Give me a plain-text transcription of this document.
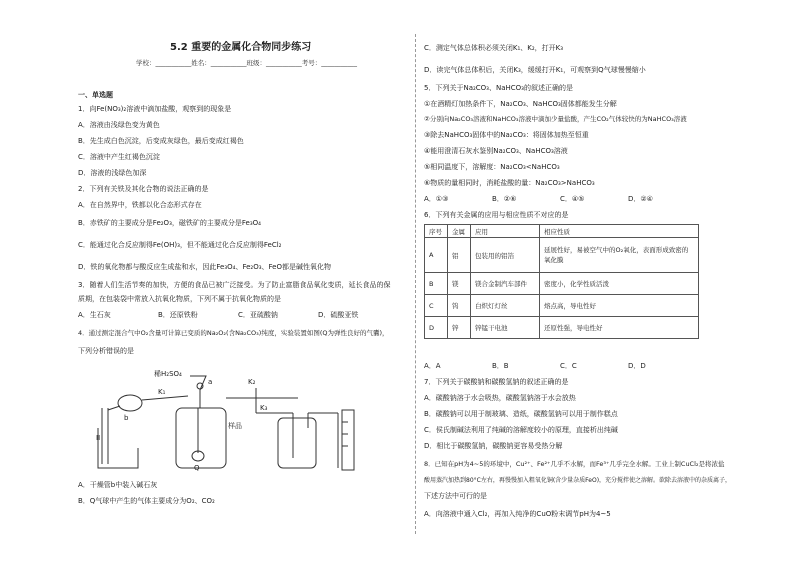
5.2 重要的金属化合物同步练习
学校：___________姓名：___________班级：___________考号：___________
一、单选题
1．向Fe(NO₃)₂溶液中滴加盐酸，观察到的现象是
A．溶液由浅绿色变为黄色
B．先生成白色沉淀，后变成灰绿色，最后变成红褐色
C．溶液中产生红褐色沉淀
D．溶液的浅绿色加深
2．下列有关铁及其化合物的说法正确的是
A．在自然界中，铁都以化合态形式存在
B．赤铁矿的主要成分是Fe₂O₃，磁铁矿的主要成分是Fe₃O₄
C．能通过化合反应制得Fe(OH)₃，但不能通过化合反应制得FeCl₂
D．铁的氧化物都与酸反应生成盐和水，因此Fe₃O₄、Fe₂O₃、FeO都是碱性氧化物
3．随着人们生活节奏的加快，方便的食品已被广泛接受。为了防止富脂食品氧化变质，延长食品的保
质期，在包装袋中常放入抗氧化物质，下列不属于抗氧化物质的是
A．生石灰	B．还原铁粉	C．亚硫酸钠	D．硫酸亚铁
4．通过测定混合气中O₂含量可计算已变质的Na₂O₂(含Na₂CO₃)纯度，实验装置如图(Q为弹性良好的气囊)，
下列分析错误的是
稀H₂SO₄
K₁
K₂
K₃
样品
Q
II
b
a
A．干燥管b中装入碱石灰
B．Q气球中产生的气体主要成分为O₂、CO₂
C．测定气体总体积必须关闭K₁、K₂，打开K₃
D．读完气体总体积后，关闭K₃，缓缓打开K₁，可观察到Q气球慢慢缩小
5．下列关于Na₂CO₃、NaHCO₃的叙述正确的是
①在酒精灯加热条件下，Na₂CO₃、NaHCO₃固体都能发生分解
②分别向Na₂CO₃溶液和NaHCO₃溶液中滴加少量盐酸，产生CO₂气体较快的为NaHCO₃溶液
③除去NaHCO₃固体中的Na₂CO₃：将固体加热至恒重
④能用澄清石灰水鉴别Na₂CO₃、NaHCO₃溶液
⑤相同温度下，溶解度：Na₂CO₃<NaHCO₃
⑥物质的量相同时，消耗盐酸的量：Na₂CO₃>NaHCO₃
A．①③	B．②⑥	C．④⑤	D．②④
6．下列有关金属的应用与相应性质不对应的是
序号	金属	应用	相应性质
A	铝	包装用的铝箔	延展性好，易被空气中的O₂氧化，表面形成致密的氧化膜
B	镁	镁合金制汽车部件	密度小，化学性质活泼
C	钨	白炽灯灯丝	熔点高，导电性好
D	锌	锌锰干电池	还原性强，导电性好
A．A	B．B	C．C	D．D
7．下列关于碳酸钠和碳酸氢钠的叙述正确的是
A．碳酸钠溶于水会吸热，碳酸氢钠溶于水会放热
B．碳酸钠可以用于制玻璃、造纸，碳酸氢钠可以用于制作糕点
C．侯氏制碱法利用了纯碱的溶解度较小的原理，直接析出纯碱
D．相比于碳酸氢钠，碳酸钠更容易受热分解
8．已知在pH为4~5的环境中，Cu²⁺、Fe²⁺几乎不水解，而Fe³⁺几乎完全水解。工业上制CuCl₂是将浓盐
酸用蒸汽加热到80°C左右，再慢慢加入粗氧化铜(含少量杂质FeO)，充分搅拌使之溶解。欲除去溶液中的杂质离子，
下述方法中可行的是
A．向溶液中通入Cl₂，再加入纯净的CuO粉末调节pH为4~5
